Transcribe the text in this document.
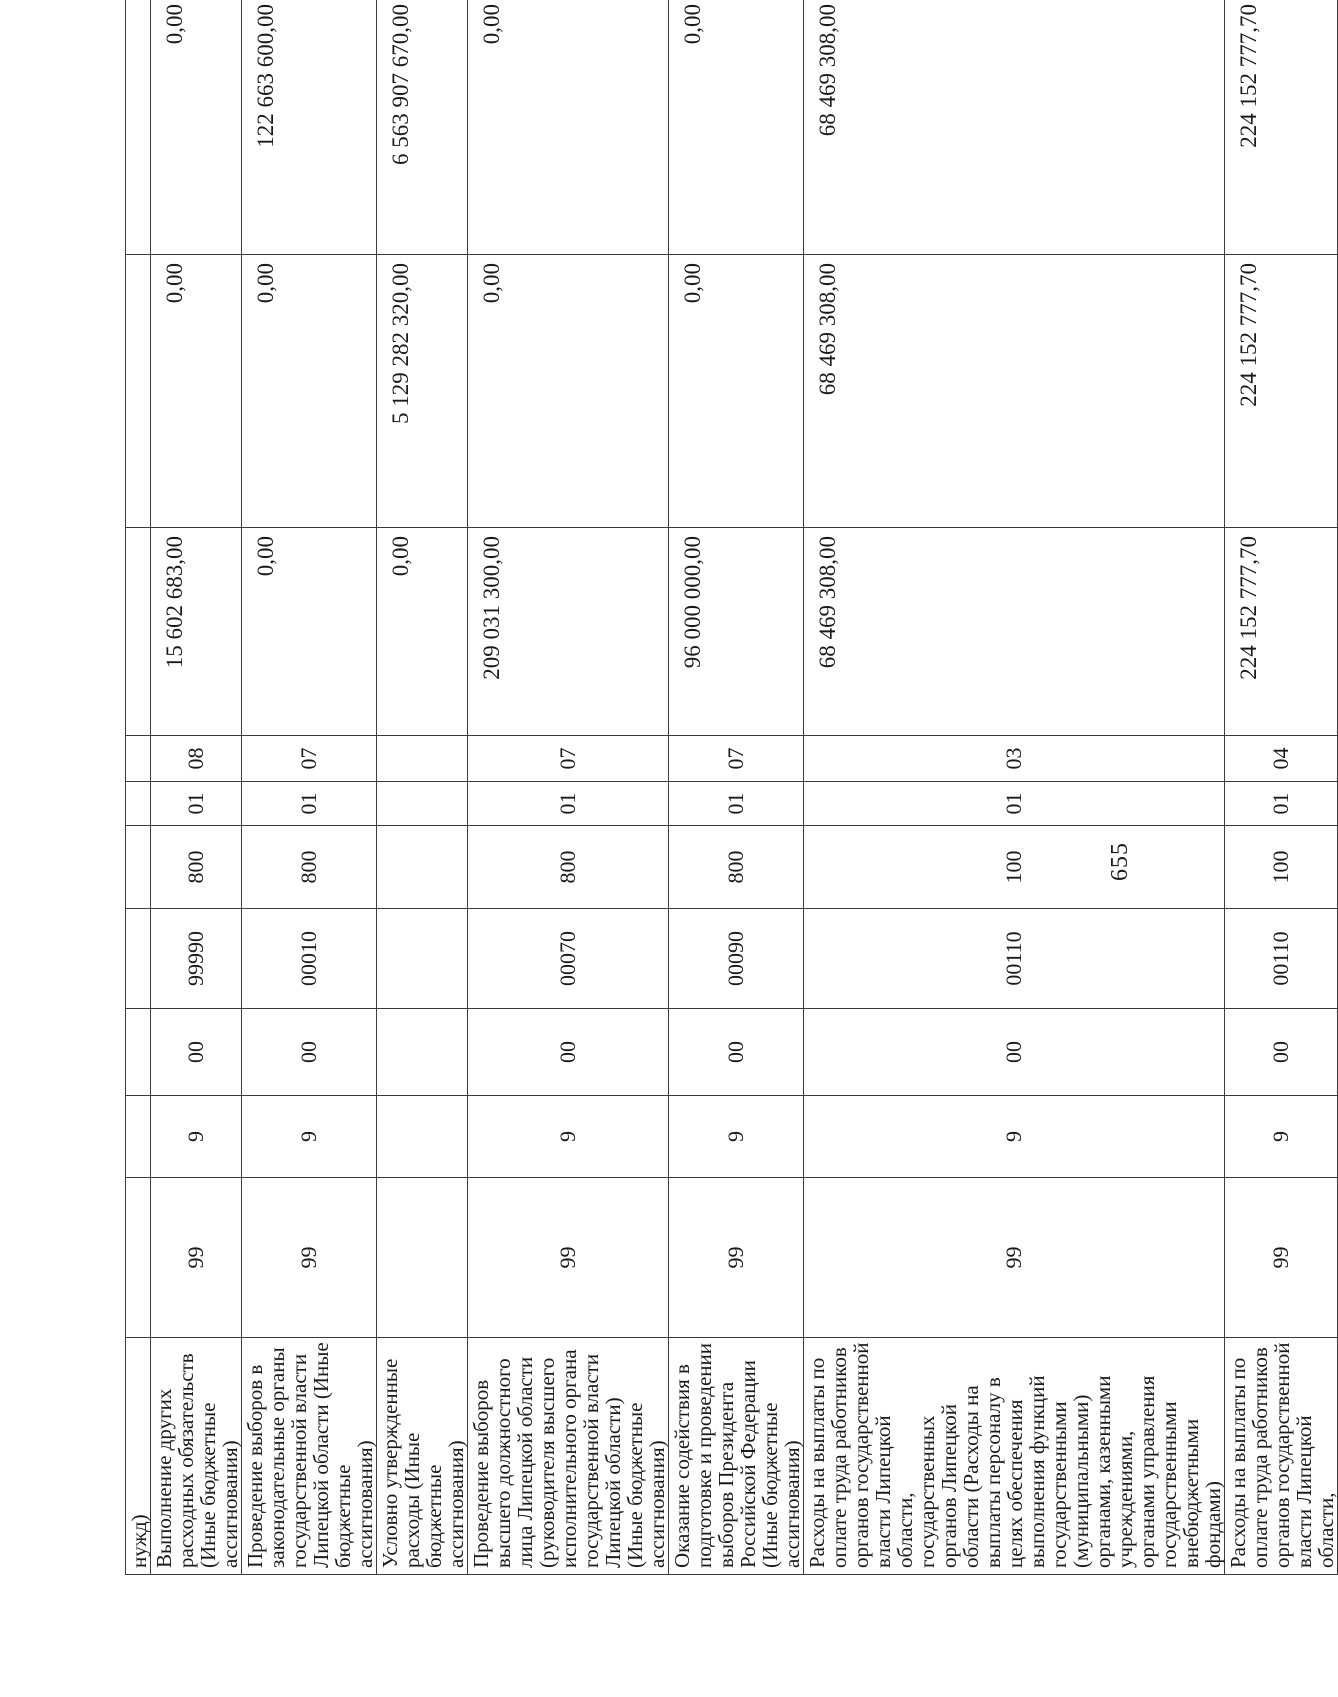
655
нужд)										
Выполнение других расходных обязательств (Иные бюджетные ассигнования)	99	9	00	99990	800	01	08	15 602 683,00	0,00	0,00
Проведение выборов в законодательные органы государственной власти Липецкой области (Иные бюджетные ассигнования)	99	9	00	00010	800	01	07	0,00	0,00	122 663 600,00
Условно утвержденные расходы (Иные бюджетные ассигнования)								0,00	5 129 282 320,00	6 563 907 670,00
Проведение выборов высшего должностного лица Липецкой области (руководителя высшего исполнительного органа государственной власти Липецкой области) (Иные бюджетные ассигнования)	99	9	00	00070	800	01	07	209 031 300,00	0,00	0,00
Оказание содействия в подготовке и проведении выборов Президента Российской Федерации (Иные бюджетные ассигнования)	99	9	00	00090	800	01	07	96 000 000,00	0,00	0,00
Расходы на выплаты по оплате труда работников органов государственной власти Липецкой области, государственных органов Липецкой области (Расходы на выплаты персоналу в целях обеспечения выполнения функций государственными (муниципальными) органами, казенными учреждениями, органами управления государственными внебюджетными фондами)	99	9	00	00110	100	01	03	68 469 308,00	68 469 308,00	68 469 308,00
Расходы на выплаты по оплате труда работников органов государственной власти Липецкой области,	99	9	00	00110	100	01	04	224 152 777,70	224 152 777,70	224 152 777,70
